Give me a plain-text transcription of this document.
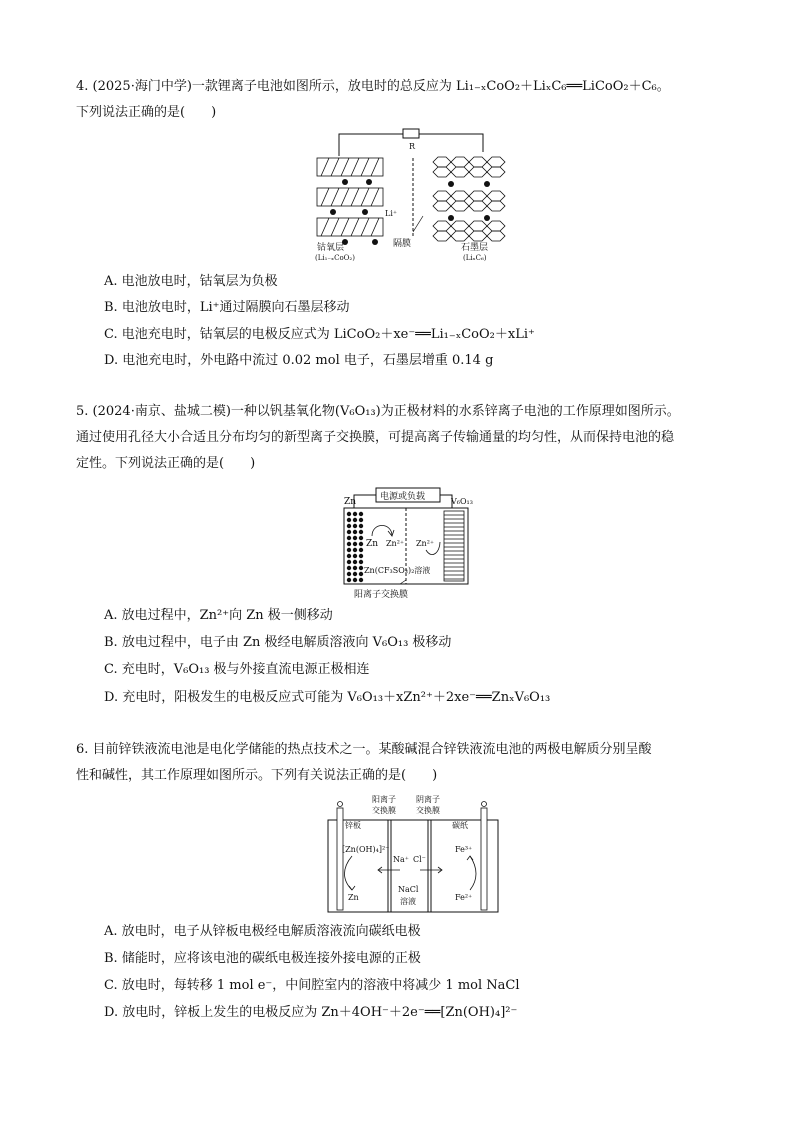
4. (2025·海门中学)一款锂离子电池如图所示，放电时的总反应为 Li₁₋ₓCoO₂＋LiₓC₆══LiCoO₂＋C₆。
下列说法正确的是(　　)
R
Li⁺
钴氧层
(Li₁₋ₓCoO₂)
隔膜	石墨层
(LiₓC₆)
A. 电池放电时，钴氧层为负极
B. 电池放电时，Li⁺通过隔膜向石墨层移动
C. 电池充电时，钴氧层的电极反应式为 LiCoO₂＋xe⁻══Li₁₋ₓCoO₂＋xLi⁺
D. 电池充电时，外电路中流过 0.02 mol 电子，石墨层增重 0.14 g
5. (2024·南京、盐城二模)一种以钒基氧化物(V₆O₁₃)为正极材料的水系锌离子电池的工作原理如图所示。
通过使用孔径大小合适且分布均匀的新型离子交换膜，可提高离子传输通量的均匀性，从而保持电池的稳
定性。下列说法正确的是(　　)
Zn	电源或负载	V₆O₁₃
Zn Zn²⁺ Zn²⁺
Zn(CF₃SO₃)₂溶液
阳离子交换膜
A. 放电过程中，Zn²⁺向 Zn 极一侧移动
B. 放电过程中，电子由 Zn 极经电解质溶液向 V₆O₁₃ 极移动
C. 充电时，V₆O₁₃ 极与外接直流电源正极相连
D. 充电时，阳极发生的电极反应式可能为 V₆O₁₃＋xZn²⁺＋2xe⁻══ZnₓV₆O₁₃
6. 目前锌铁液流电池是电化学储能的热点技术之一。某酸碱混合锌铁液流电池的两极电解质分别呈酸
性和碱性，其工作原理如图所示。下列有关说法正确的是(　　)
阳离子
交换膜
阴离子
交换膜
锌板	碳纸
[Zn(OH)₄]²⁻
Zn
Na⁺ Cl⁻
NaCl
溶液
Fe³⁺
Fe²⁺
A. 放电时，电子从锌板电极经电解质溶液流向碳纸电极
B. 储能时，应将该电池的碳纸电极连接外接电源的正极
C. 放电时，每转移 1 mol e⁻，中间腔室内的溶液中将减少 1 mol NaCl
D. 放电时，锌板上发生的电极反应为 Zn＋4OH⁻＋2e⁻══[Zn(OH)₄]²⁻
